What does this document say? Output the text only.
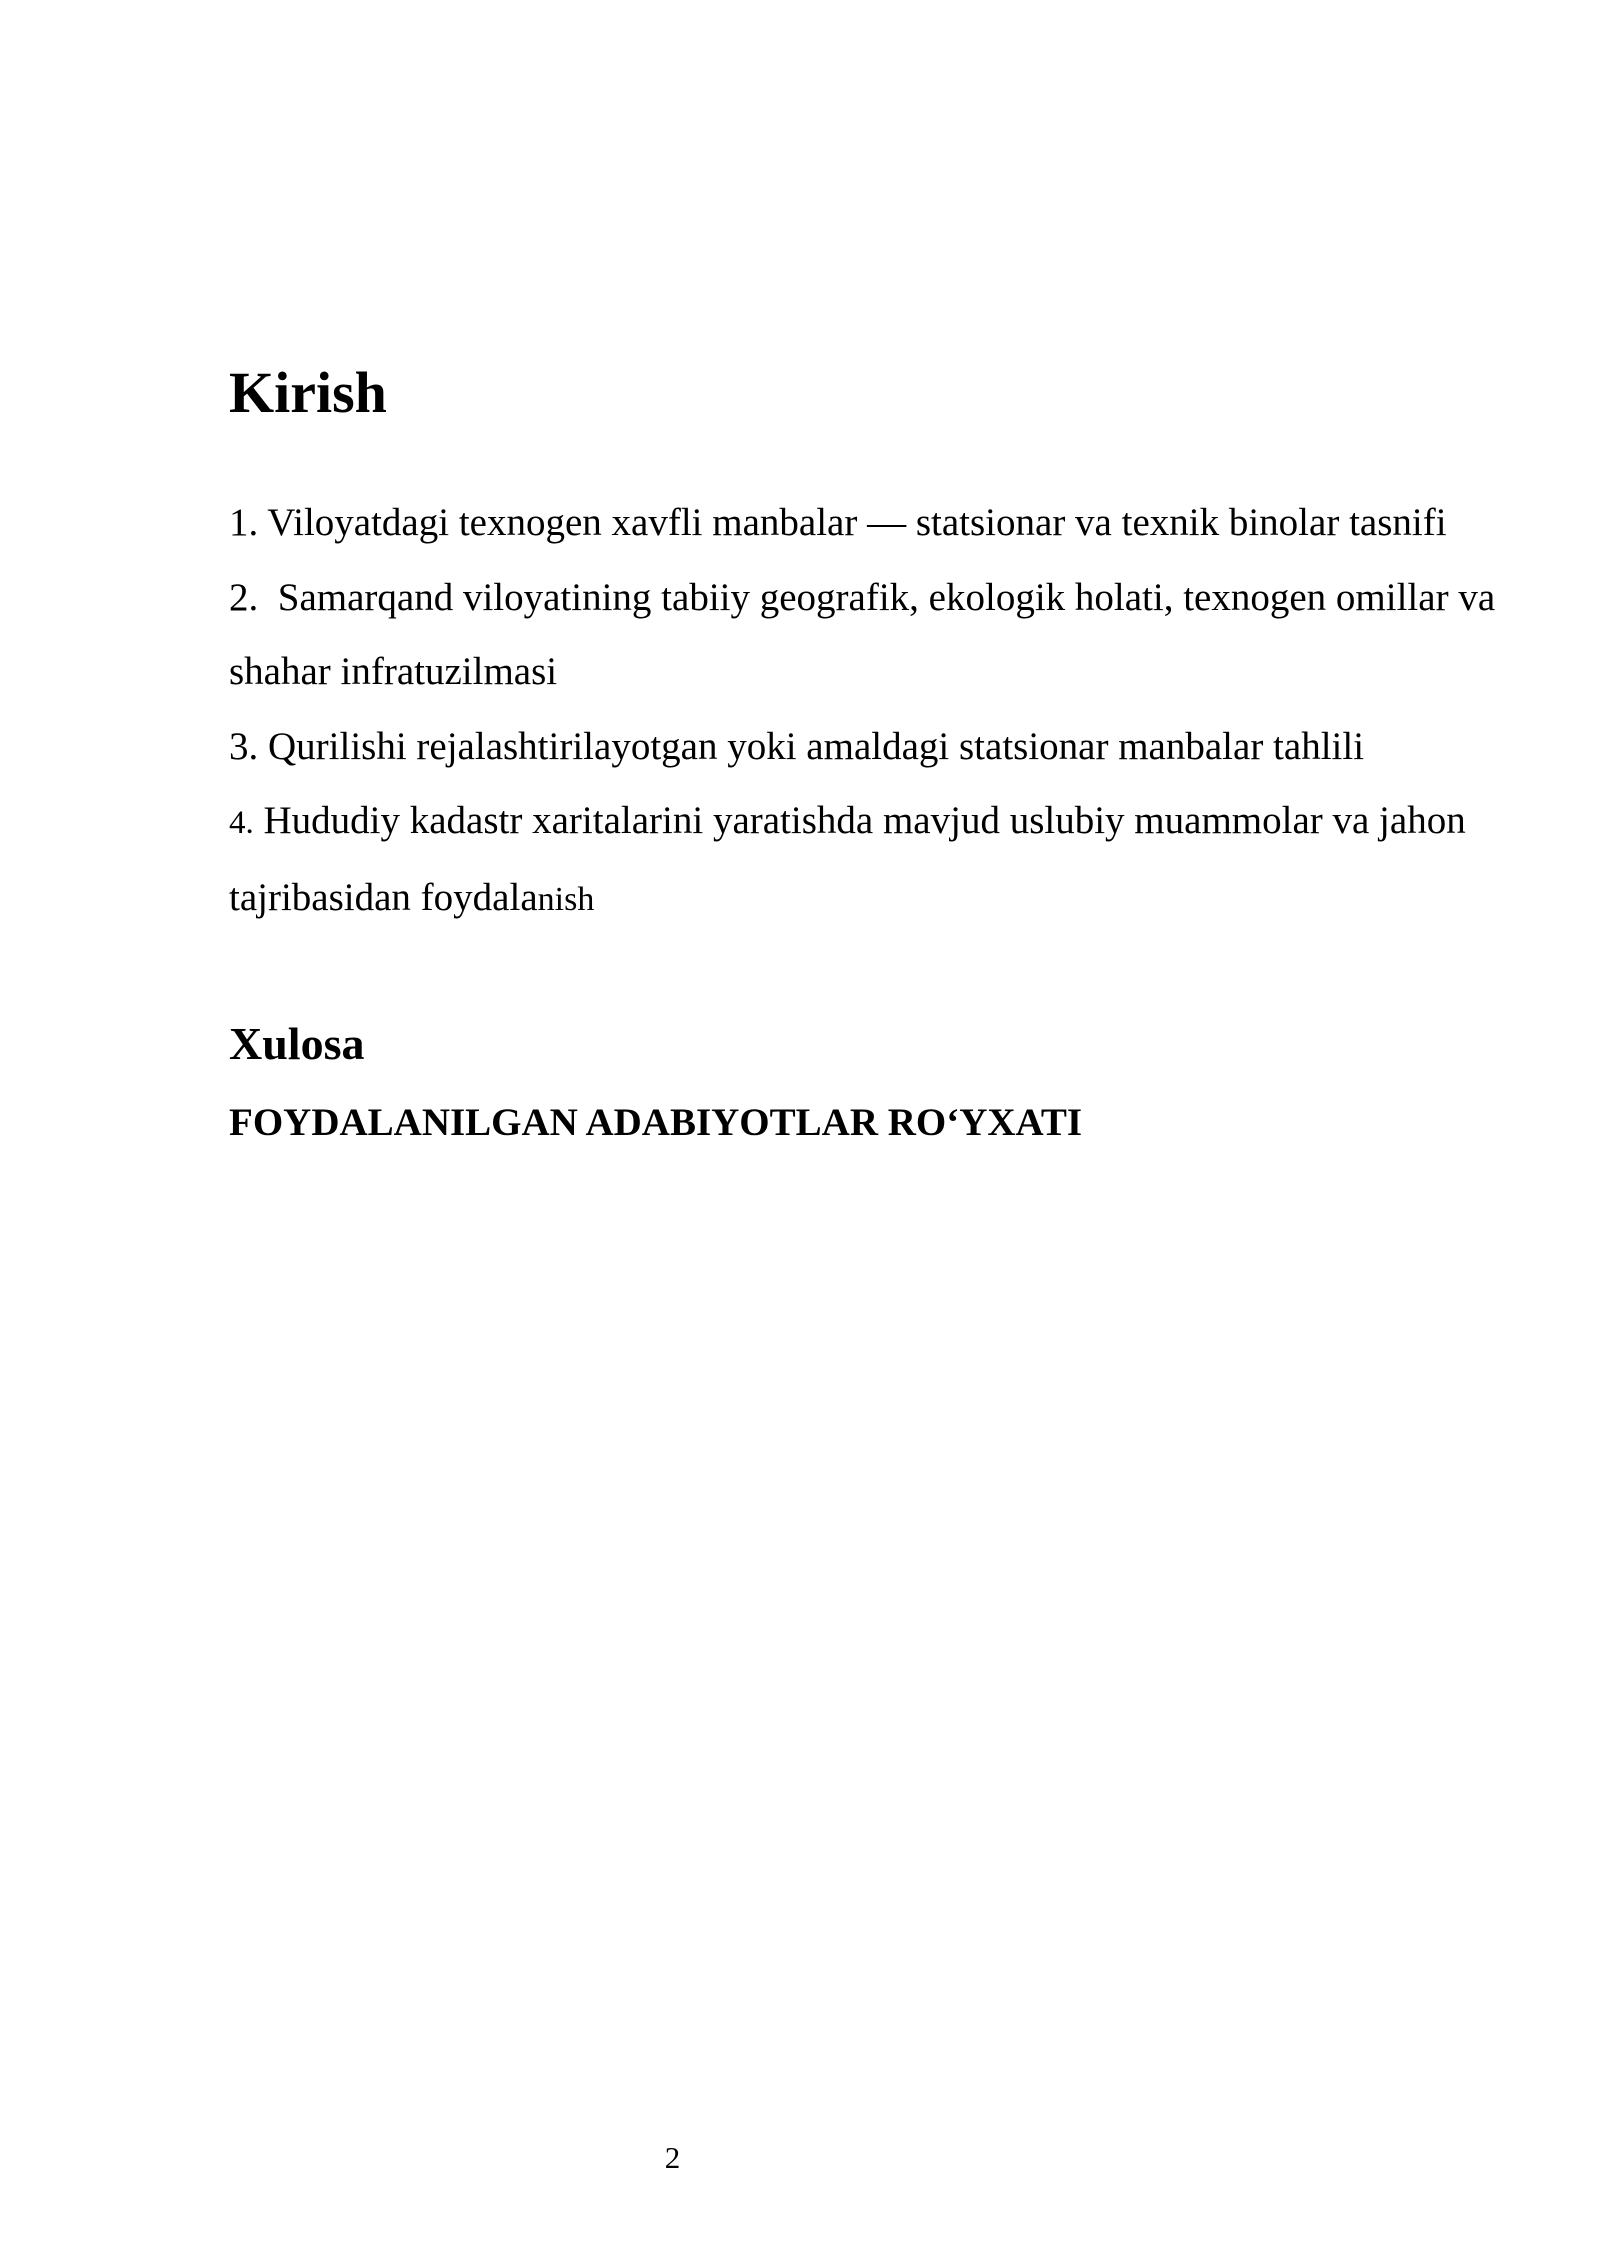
Kirish

1. Viloyatdagi texnogen xavfli manbalar — statsionar va texnik binolar tasnifi

2.  Samarqand viloyatining tabiiy geografik, ekologik holati, texnogen omillar va  shahar infratuzilmasi

3. Qurilishi rejalashtirilayotgan yoki amaldagi statsionar manbalar tahlili

4. Hududiy kadastr xaritalarini yaratishda mavjud uslubiy muammolar va jahon tajribasidan foydalanish

Xulosa
FOYDALANILGAN ADABIYOTLAR RO‘YXATI
2
